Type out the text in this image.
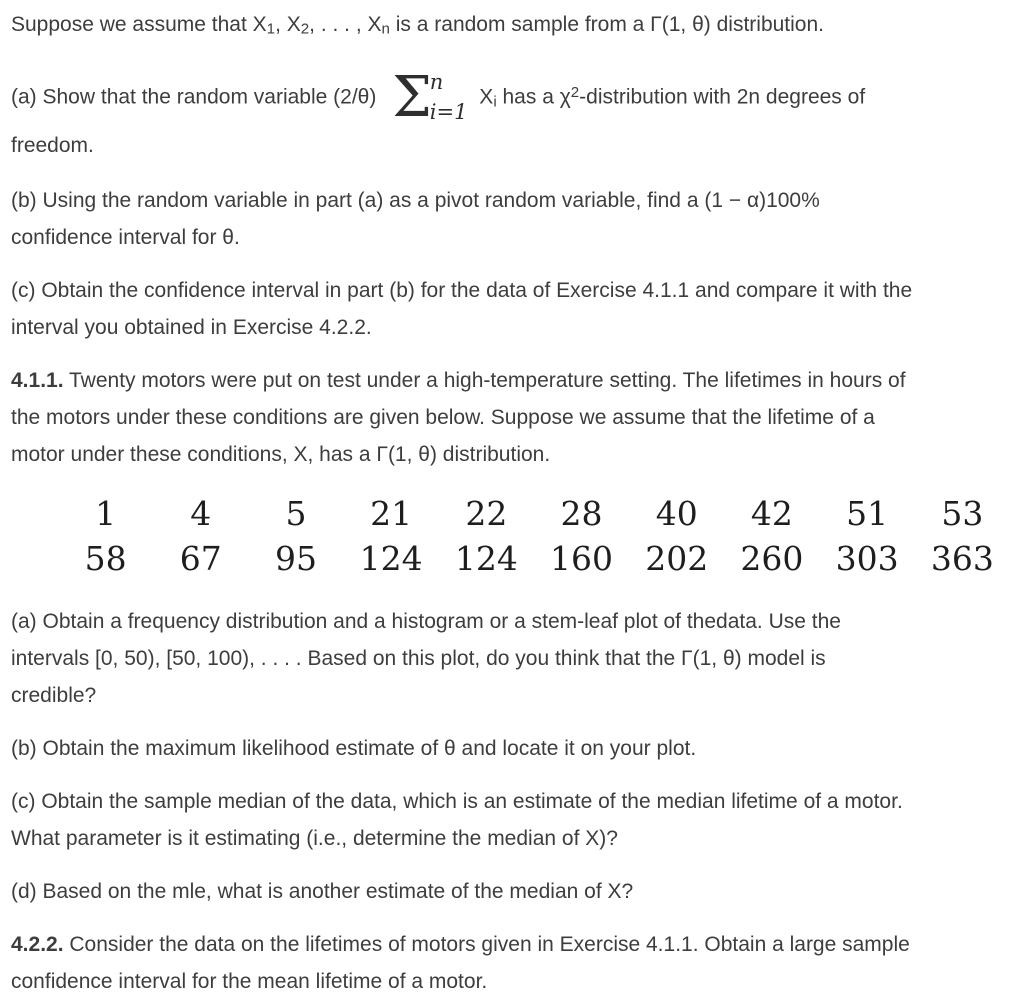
Suppose we assume that $X_1$, $X_2$, . . . , $X_n$ is a random sample from a Γ(1, θ) distribution.

(a) Show that the random variable (2/θ) Σ
n
i=1
$X_i$ has a $\chi^2$-distribution with 2n degrees of
freedom.

(b) Using the random variable in part (a) as a pivot random variable, find a (1 − α)100%
confidence interval for θ.

(c) Obtain the confidence interval in part (b) for the data of Exercise 4.1.1 and compare it with the
interval you obtained in Exercise 4.2.2.

4.1.1. Twenty motors were put on test under a high-temperature setting. The lifetimes in hours of
the motors under these conditions are given below. Suppose we assume that the lifetime of a
motor under these conditions, X, has a Γ(1, θ) distribution.

1	4	5	21	22	28	40	42	51	53
58	67	95	124	124	160	202	260	303	363

(a) Obtain a frequency distribution and a histogram or a stem-leaf plot of thedata. Use the
intervals [0, 50), [50, 100), . . . . Based on this plot, do you think that the Γ(1, θ) model is
credible?

(b) Obtain the maximum likelihood estimate of θ and locate it on your plot.

(c) Obtain the sample median of the data, which is an estimate of the median lifetime of a motor.
What parameter is it estimating (i.e., determine the median of X)?

(d) Based on the mle, what is another estimate of the median of X?

4.2.2. Consider the data on the lifetimes of motors given in Exercise 4.1.1. Obtain a large sample
confidence interval for the mean lifetime of a motor.
